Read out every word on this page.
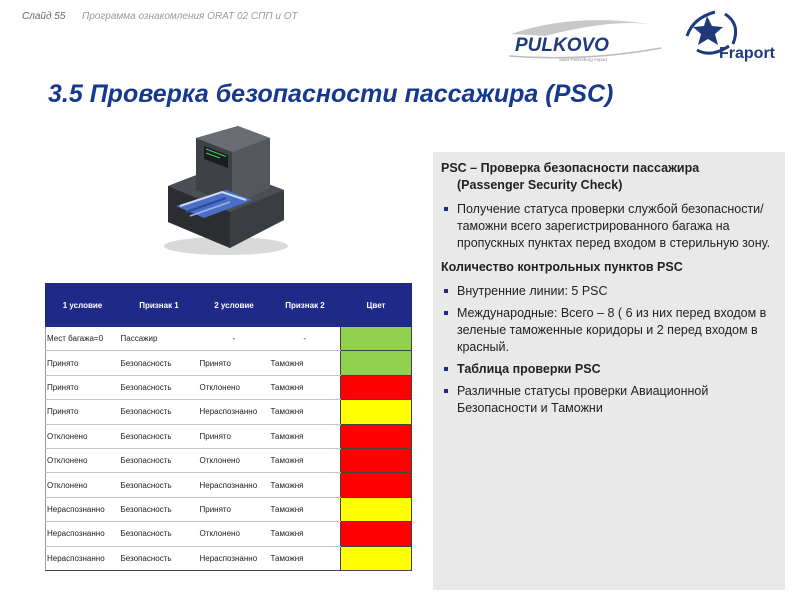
Слайд 55 Программа ознакомления ORAT 02 СПП и ОТ
PULKOVO
Saint-Petersburg Airport	Fraport
3.5 Проверка безопасности пассажира (PSC)
1 условие	Признак 1	2 условие	Признак 2	Цвет
Мест багажа=0	Пассажир	-	-	
Принято	Безопасность	Принято	Таможня	
Принято	Безопасность	Отклонено	Таможня	
Принято	Безопасность	Нераспознанно	Таможня	
Отклонено	Безопасность	Принято	Таможня	
Отклонено	Безопасность	Отклонено	Таможня	
Отклонено	Безопасность	Нераспознанно	Таможня	
Нераспознанно	Безопасность	Принято	Таможня	
Нераспознанно	Безопасность	Отклонено	Таможня	
Нераспознанно	Безопасность	Нераспознанно	Таможня	
PSC – Проверка безопасности пассажира
(Passenger Security Check)
Получение статуса проверки службой безопасности/таможни всего зарегистрированного багажа на пропускных пунктах перед входом в стерильную зону.
Количество контрольных пунктов PSC
Внутренние линии: 5 PSC
Международные: Всего – 8 ( 6 из них перед входом в зеленые таможенные коридоры и 2 перед входом в красный.
Таблица проверки PSC
Различные статусы проверки Авиационной Безопасности и Таможни
